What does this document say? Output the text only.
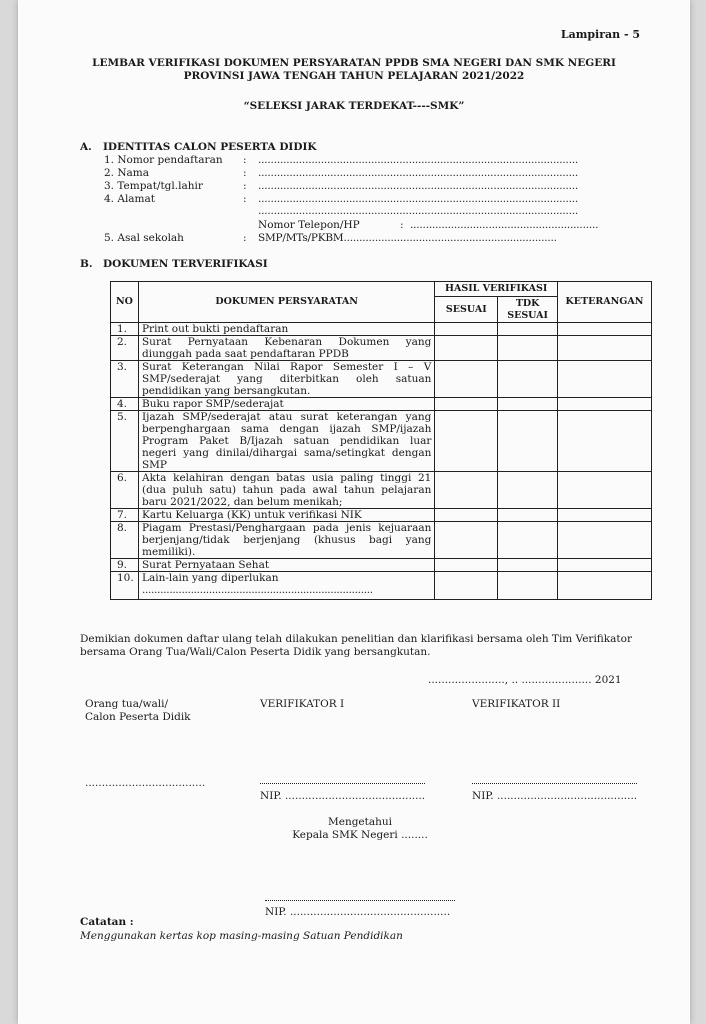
Lampiran - 5
LEMBAR VERIFIKASI DOKUMEN PERSYARATAN PPDB SMA NEGERI DAN SMK NEGERI
PROVINSI JAWA TENGAH TAHUN PELAJARAN 2021/2022
“SELEKSI JARAK TERDEKAT----SMK”
A. IDENTITAS CALON PESERTA DIDIK
1. Nomor pendaftaran : ......................................................................................................
2. Nama	: ......................................................................................................
3. Tempat/tgl.lahir	: ......................................................................................................
4. Alamat	: ......................................................................................................
......................................................................................................
Nomor Telepon/HP	: ............................................................
5. Asal sekolah	: SMP/MTs/PKBM....................................................................
B. DOKUMEN TERVERIFIKASI
NO	DOKUMEN PERSYARATAN	HASIL VERIFIKASI		KETERANGAN
		SESUAI	TDK SESUAI	
1.	Print out bukti pendaftaran			
2.	Surat Pernyataan Kebenaran Dokumen yang diunggah pada saat pendaftaran PPDB			
3.	Surat Keterangan Nilai Rapor Semester I – V SMP/sederajat yang diterbitkan oleh satuan pendidikan yang bersangkutan.			
4.	Buku rapor SMP/sederajat			
5.	Ijazah SMP/sederajat atau surat keterangan yang berpenghargaan sama dengan ijazah SMP/ijazah Program Paket B/Ijazah satuan pendidikan luar negeri yang dinilai/dihargai sama/setingkat dengan SMP			
6.	Akta kelahiran dengan batas usia paling tinggi 21 (dua puluh satu) tahun pada awal tahun pelajaran baru 2021/2022, dan belum menikah;			
7.	Kartu Keluarga (KK) untuk verifikasi NIK			
8.	Piagam Prestasi/Penghargaan pada jenis kejuaraan berjenjang/tidak berjenjang (khusus bagi yang memiliki).			
9.	Surat Pernyataan Sehat			
10.	Lain-lain yang diperlukan
............................................................................			

Demikian dokumen daftar ulang telah dilakukan penelitian dan klarifikasi bersama oleh Tim Verifikator
bersama Orang Tua/Wali/Calon Peserta Didik yang bersangkutan.
......................., .. ..................... 2021
Orang tua/wali/
Calon Peserta Didik
VERIFIKATOR I	VERIFIKATOR II
....................................
NIP. ..........................................	NIP. ..........................................
Mengetahui
Kepala SMK Negeri ........
NIP. ................................................
Catatan :
Menggunakan kertas kop masing-masing Satuan Pendidikan
